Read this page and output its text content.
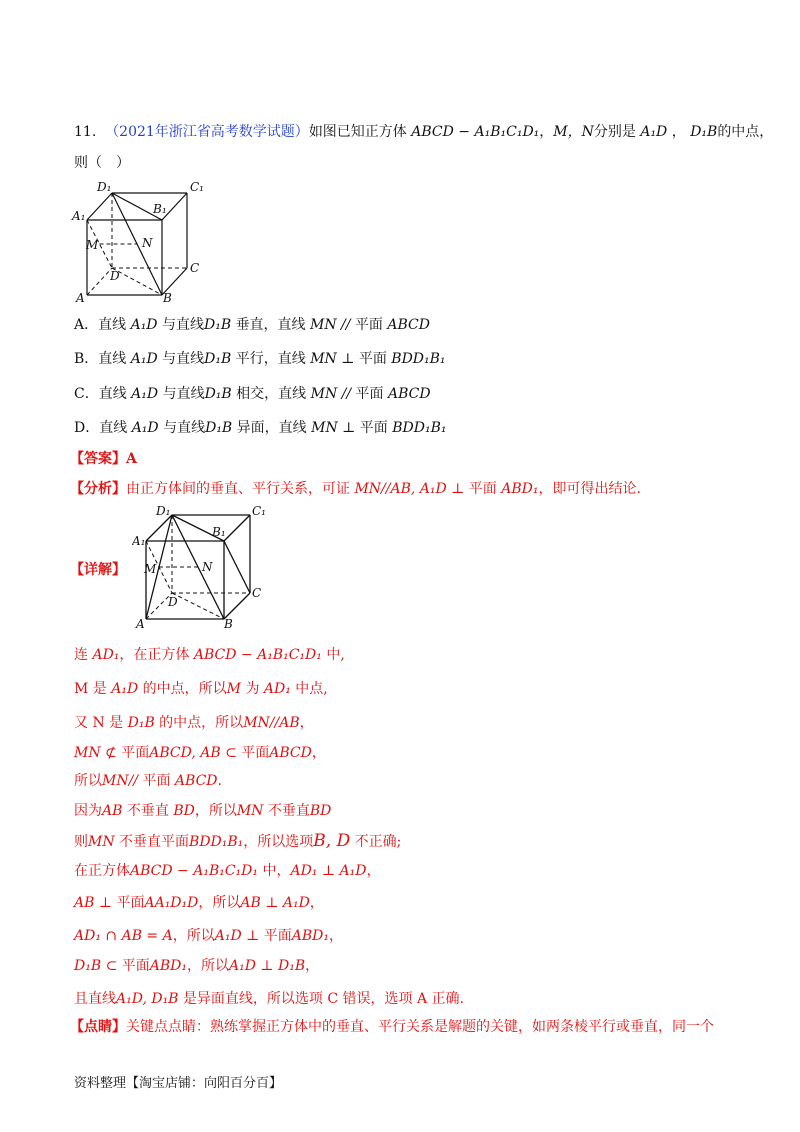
11. （2021年浙江省高考数学试题）如图已知正方体 ABCD − A₁B₁C₁D₁，M，N分别是 A₁D ， D₁B的中点，
则（　）
D₁	C₁
B₁
A₁
M	N
C
D
A	B
A．直线 A₁D 与直线D₁B 垂直，直线 MN // 平面 ABCD
B．直线 A₁D 与直线D₁B 平行，直线 MN ⊥ 平面 BDD₁B₁
C．直线 A₁D 与直线D₁B 相交，直线 MN // 平面 ABCD
D．直线 A₁D 与直线D₁B 异面，直线 MN ⊥ 平面 BDD₁B₁
【答案】A
【分析】由正方体间的垂直、平行关系，可证 MN//AB, A₁D ⊥ 平面 ABD₁，即可得出结论.
【详解】
D₁	C₁
B₁
A₁
M	N
C
D
A	B
连 AD₁，在正方体 ABCD − A₁B₁C₁D₁ 中,
M 是 A₁D 的中点，所以M 为 AD₁ 中点,
又 N 是 D₁B 的中点，所以MN//AB，
MN ⊄ 平面ABCD, AB ⊂ 平面ABCD，
所以MN// 平面 ABCD.
因为AB 不垂直 BD，所以MN 不垂直BD
则MN 不垂直平面BDD₁B₁，所以选项B, D 不正确;
在正方体ABCD − A₁B₁C₁D₁ 中，AD₁ ⊥ A₁D，
AB ⊥ 平面AA₁D₁D，所以AB ⊥ A₁D，
AD₁ ∩ AB = A，所以A₁D ⊥ 平面ABD₁，
D₁B ⊂ 平面ABD₁，所以A₁D ⊥ D₁B，
且直线A₁D, D₁B 是异面直线，所以选项 C 错误，选项 A 正确.
【点睛】关键点点睛：熟练掌握正方体中的垂直、平行关系是解题的关键，如两条棱平行或垂直，同一个
资料整理【淘宝店铺：向阳百分百】
